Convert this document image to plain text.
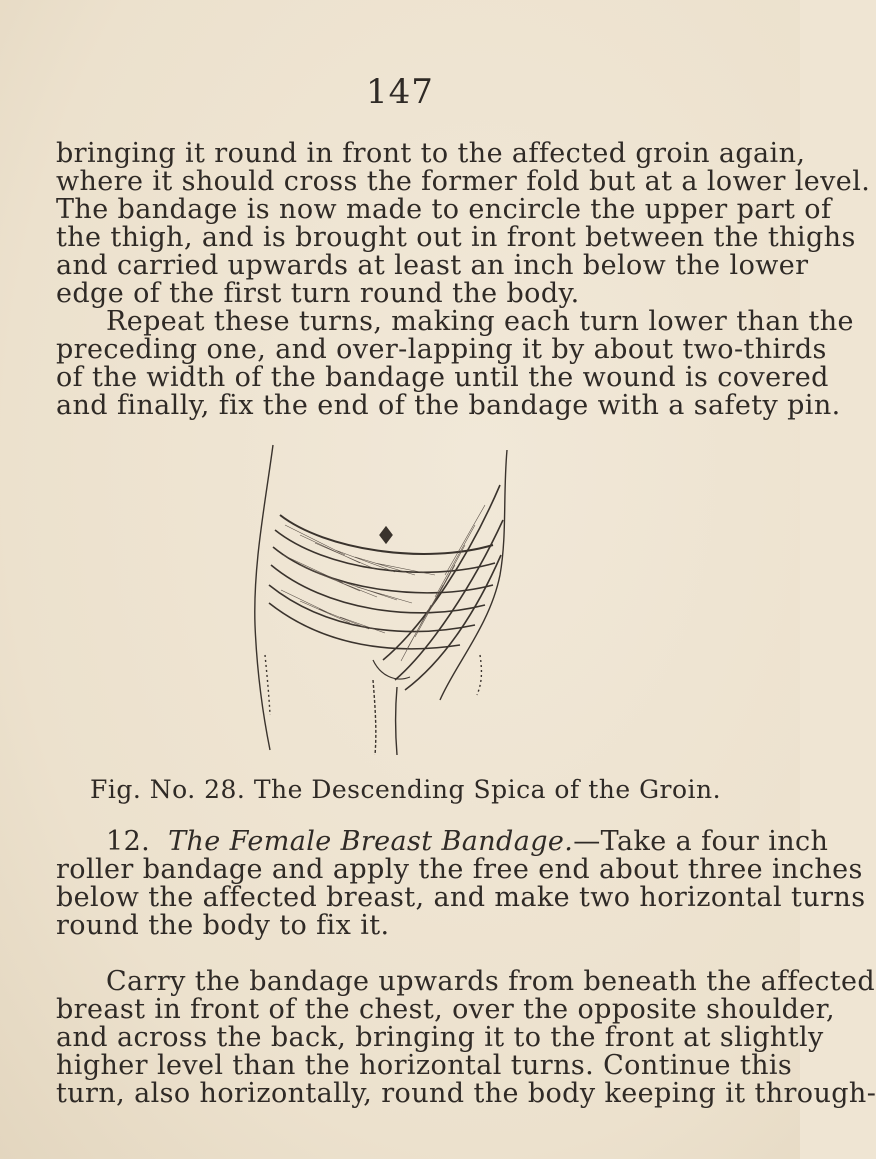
147

bringing it round in front to the affected groin again,
where it should cross the former fold but at a lower level.
The bandage is now made to encircle the upper part of
the thigh, and is brought out in front between the thighs
and carried upwards at least an inch below the lower
edge of the first turn round the body.

Repeat these turns, making each turn lower than the
preceding one, and over-lapping it by about two-thirds
of the width of the bandage until the wound is covered
and finally, fix the end of the bandage with a safety pin.

Fig. No. 28. The Descending Spica of the Groin.

12. The Female Breast Bandage.—Take a four inch
roller bandage and apply the free end about three inches
below the affected breast, and make two horizontal turns
round the body to fix it.

Carry the bandage upwards from beneath the affected
breast in front of the chest, over the opposite shoulder,
and across the back, bringing it to the front at slightly
higher level than the horizontal turns. Continue this
turn, also horizontally, round the body keeping it through-
